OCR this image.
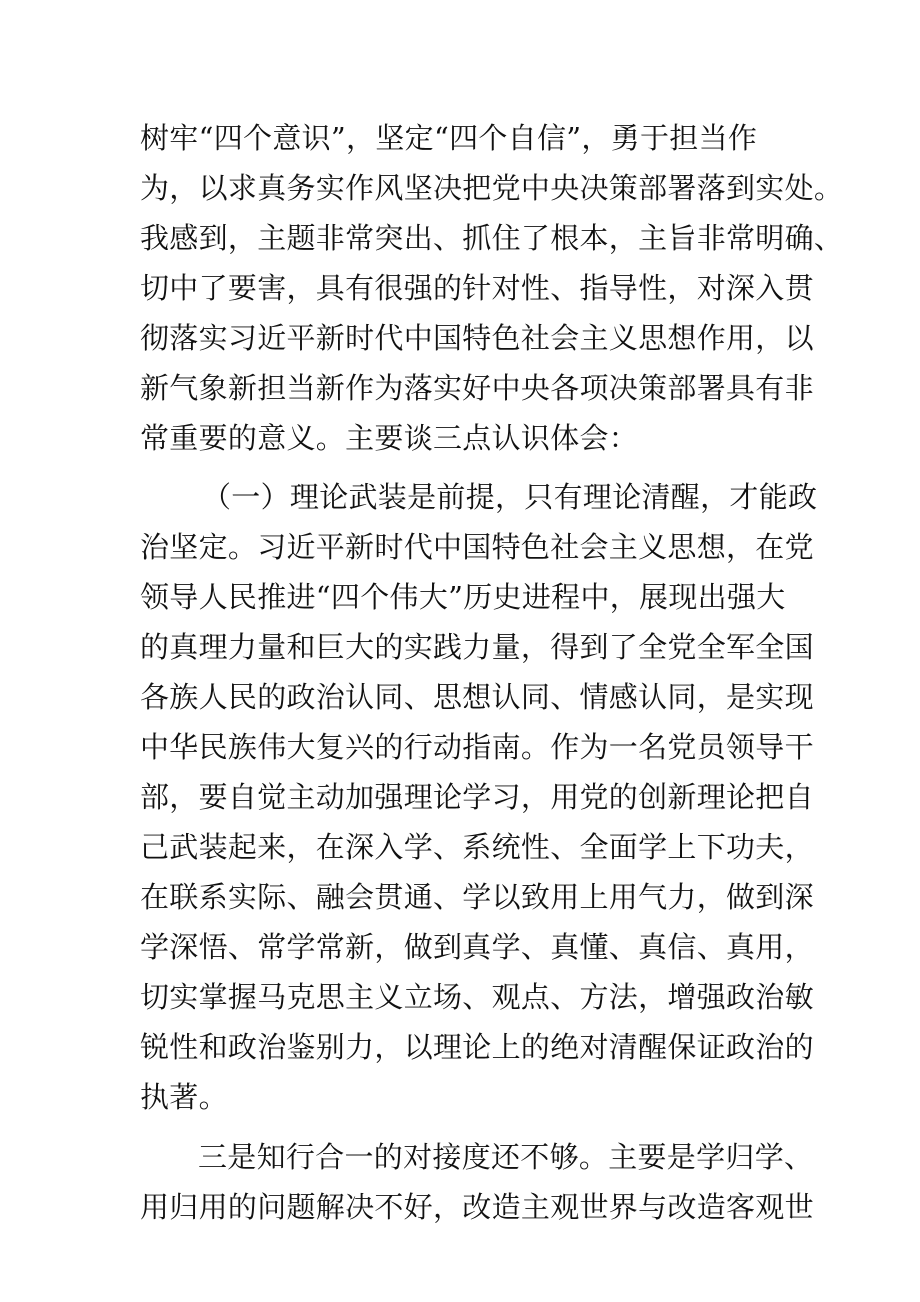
树牢“四个意识”，坚定“四个自信”，勇于担当作
为，以求真务实作风坚决把党中央决策部署落到实处。
我感到，主题非常突出、抓住了根本，主旨非常明确、
切中了要害，具有很强的针对性、指导性，对深入贯
彻落实习近平新时代中国特色社会主义思想作用，以
新气象新担当新作为落实好中央各项决策部署具有非
常重要的意义。主要谈三点认识体会：
（一）理论武装是前提，只有理论清醒，才能政
治坚定。习近平新时代中国特色社会主义思想，在党
领导人民推进“四个伟大”历史进程中，展现出强大
的真理力量和巨大的实践力量，得到了全党全军全国
各族人民的政治认同、思想认同、情感认同，是实现
中华民族伟大复兴的行动指南。作为一名党员领导干
部，要自觉主动加强理论学习，用党的创新理论把自
己武装起来，在深入学、系统性、全面学上下功夫，
在联系实际、融会贯通、学以致用上用气力，做到深
学深悟、常学常新，做到真学、真懂、真信、真用，
切实掌握马克思主义立场、观点、方法，增强政治敏
锐性和政治鉴别力，以理论上的绝对清醒保证政治的
执著。
三是知行合一的对接度还不够。主要是学归学、
用归用的问题解决不好，改造主观世界与改造客观世
